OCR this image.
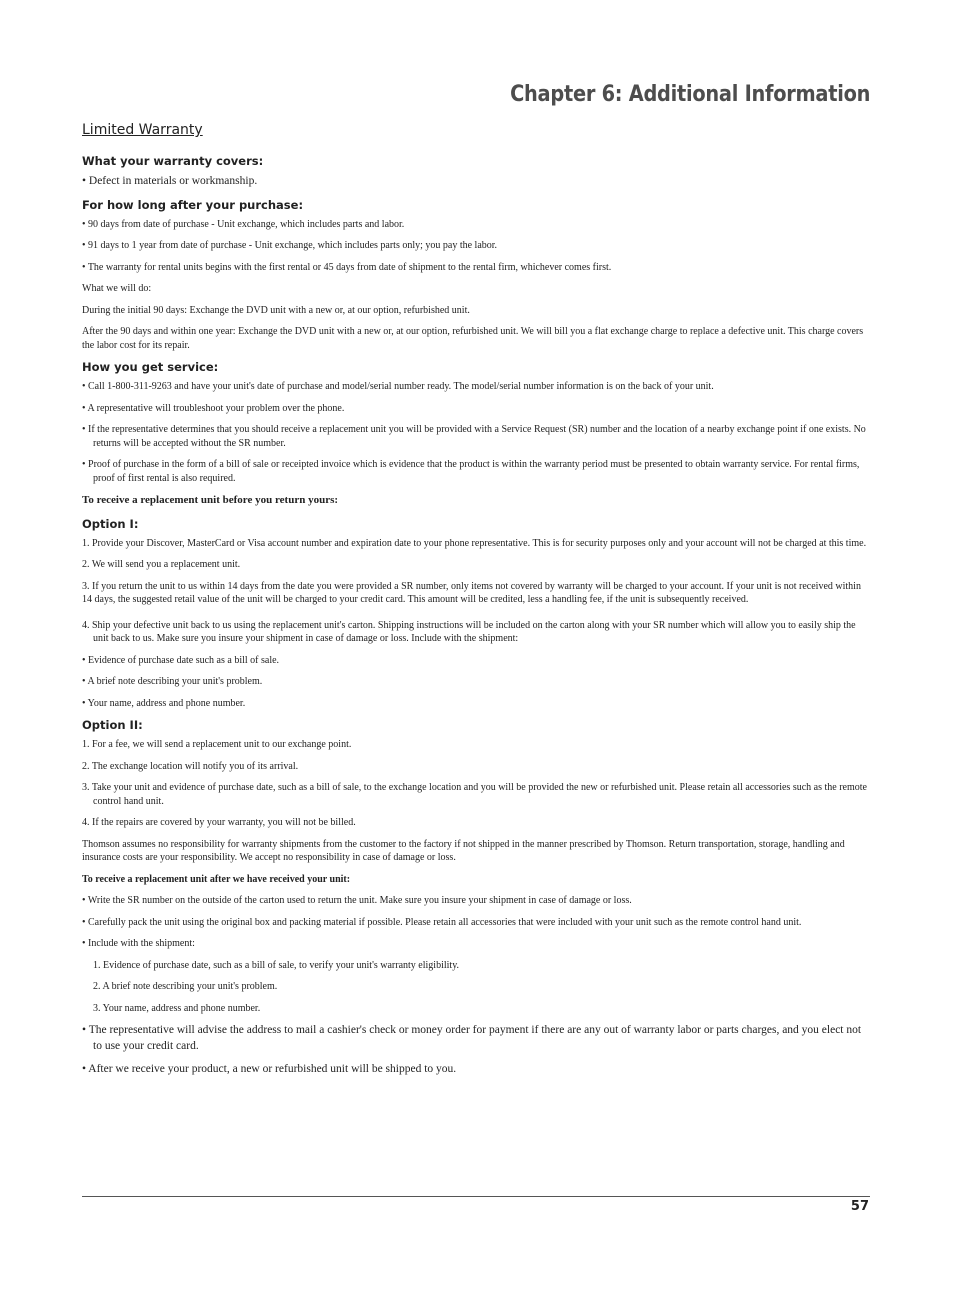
Chapter 6: Additional Information
Limited Warranty
What your warranty covers:
• Defect in materials or workmanship.
For how long after your purchase:
• 90 days from date of purchase - Unit exchange, which includes parts and labor.
• 91 days to 1 year from date of purchase - Unit exchange, which includes parts only; you pay the labor.
• The warranty for rental units begins with the first rental or 45 days from date of shipment to the rental firm, whichever comes first.
What we will do:
During the initial 90 days: Exchange the DVD unit with a new or, at our option, refurbished unit.
After the 90 days and within one year: Exchange the DVD unit with a new or, at our option, refurbished unit. We will bill you a flat exchange charge to replace a defective unit. This charge covers the labor cost for its repair.
How you get service:
• Call 1-800-311-9263 and have your unit's date of purchase and model/serial number ready. The model/serial number information is on the back of your unit.
• A representative will troubleshoot your problem over the phone.
• If the representative determines that you should receive a replacement unit you will be provided with a Service Request (SR) number and the location of a nearby exchange point if one exists. No returns will be accepted without the SR number.
• Proof of purchase in the form of a bill of sale or receipted invoice which is evidence that the product is within the warranty period must be presented to obtain warranty service. For rental firms, proof of first rental is also required.
To receive a replacement unit before you return yours:
Option I:
1. Provide your Discover, MasterCard or Visa account number and expiration date to your phone representative. This is for security purposes only and your account will not be charged at this time.
2. We will send you a replacement unit.
3. If you return the unit to us within 14 days from the date you were provided a SR number, only items not covered by warranty will be charged to your account. If your unit is not received within 14 days, the suggested retail value of the unit will be charged to your credit card. This amount will be credited, less a handling fee, if the unit is subsequently received.
4. Ship your defective unit back to us using the replacement unit's carton. Shipping instructions will be included on the carton along with your SR number which will allow you to easily ship the unit back to us. Make sure you insure your shipment in case of damage or loss. Include with the shipment:
• Evidence of purchase date such as a bill of sale.
• A brief note describing your unit's problem.
• Your name, address and phone number.
Option II:
1. For a fee, we will send a replacement unit to our exchange point.
2. The exchange location will notify you of its arrival.
3. Take your unit and evidence of purchase date, such as a bill of sale, to the exchange location and you will be provided the new or refurbished unit. Please retain all accessories such as the remote control hand unit.
4. If the repairs are covered by your warranty, you will not be billed.
Thomson assumes no responsibility for warranty shipments from the customer to the factory if not shipped in the manner prescribed by Thomson. Return transportation, storage, handling and insurance costs are your responsibility. We accept no responsibility in case of damage or loss.
To receive a replacement unit after we have received your unit:
• Write the SR number on the outside of the carton used to return the unit. Make sure you insure your shipment in case of damage or loss.
• Carefully pack the unit using the original box and packing material if possible. Please retain all accessories that were included with your unit such as the remote control hand unit.
• Include with the shipment:
1. Evidence of purchase date, such as a bill of sale, to verify your unit's warranty eligibility.
2. A brief note describing your unit's problem.
3. Your name, address and phone number.
• The representative will advise the address to mail a cashier's check or money order for payment if there are any out of warranty labor or parts charges, and you elect not to use your credit card.
• After we receive your product, a new or refurbished unit will be shipped to you.
57
